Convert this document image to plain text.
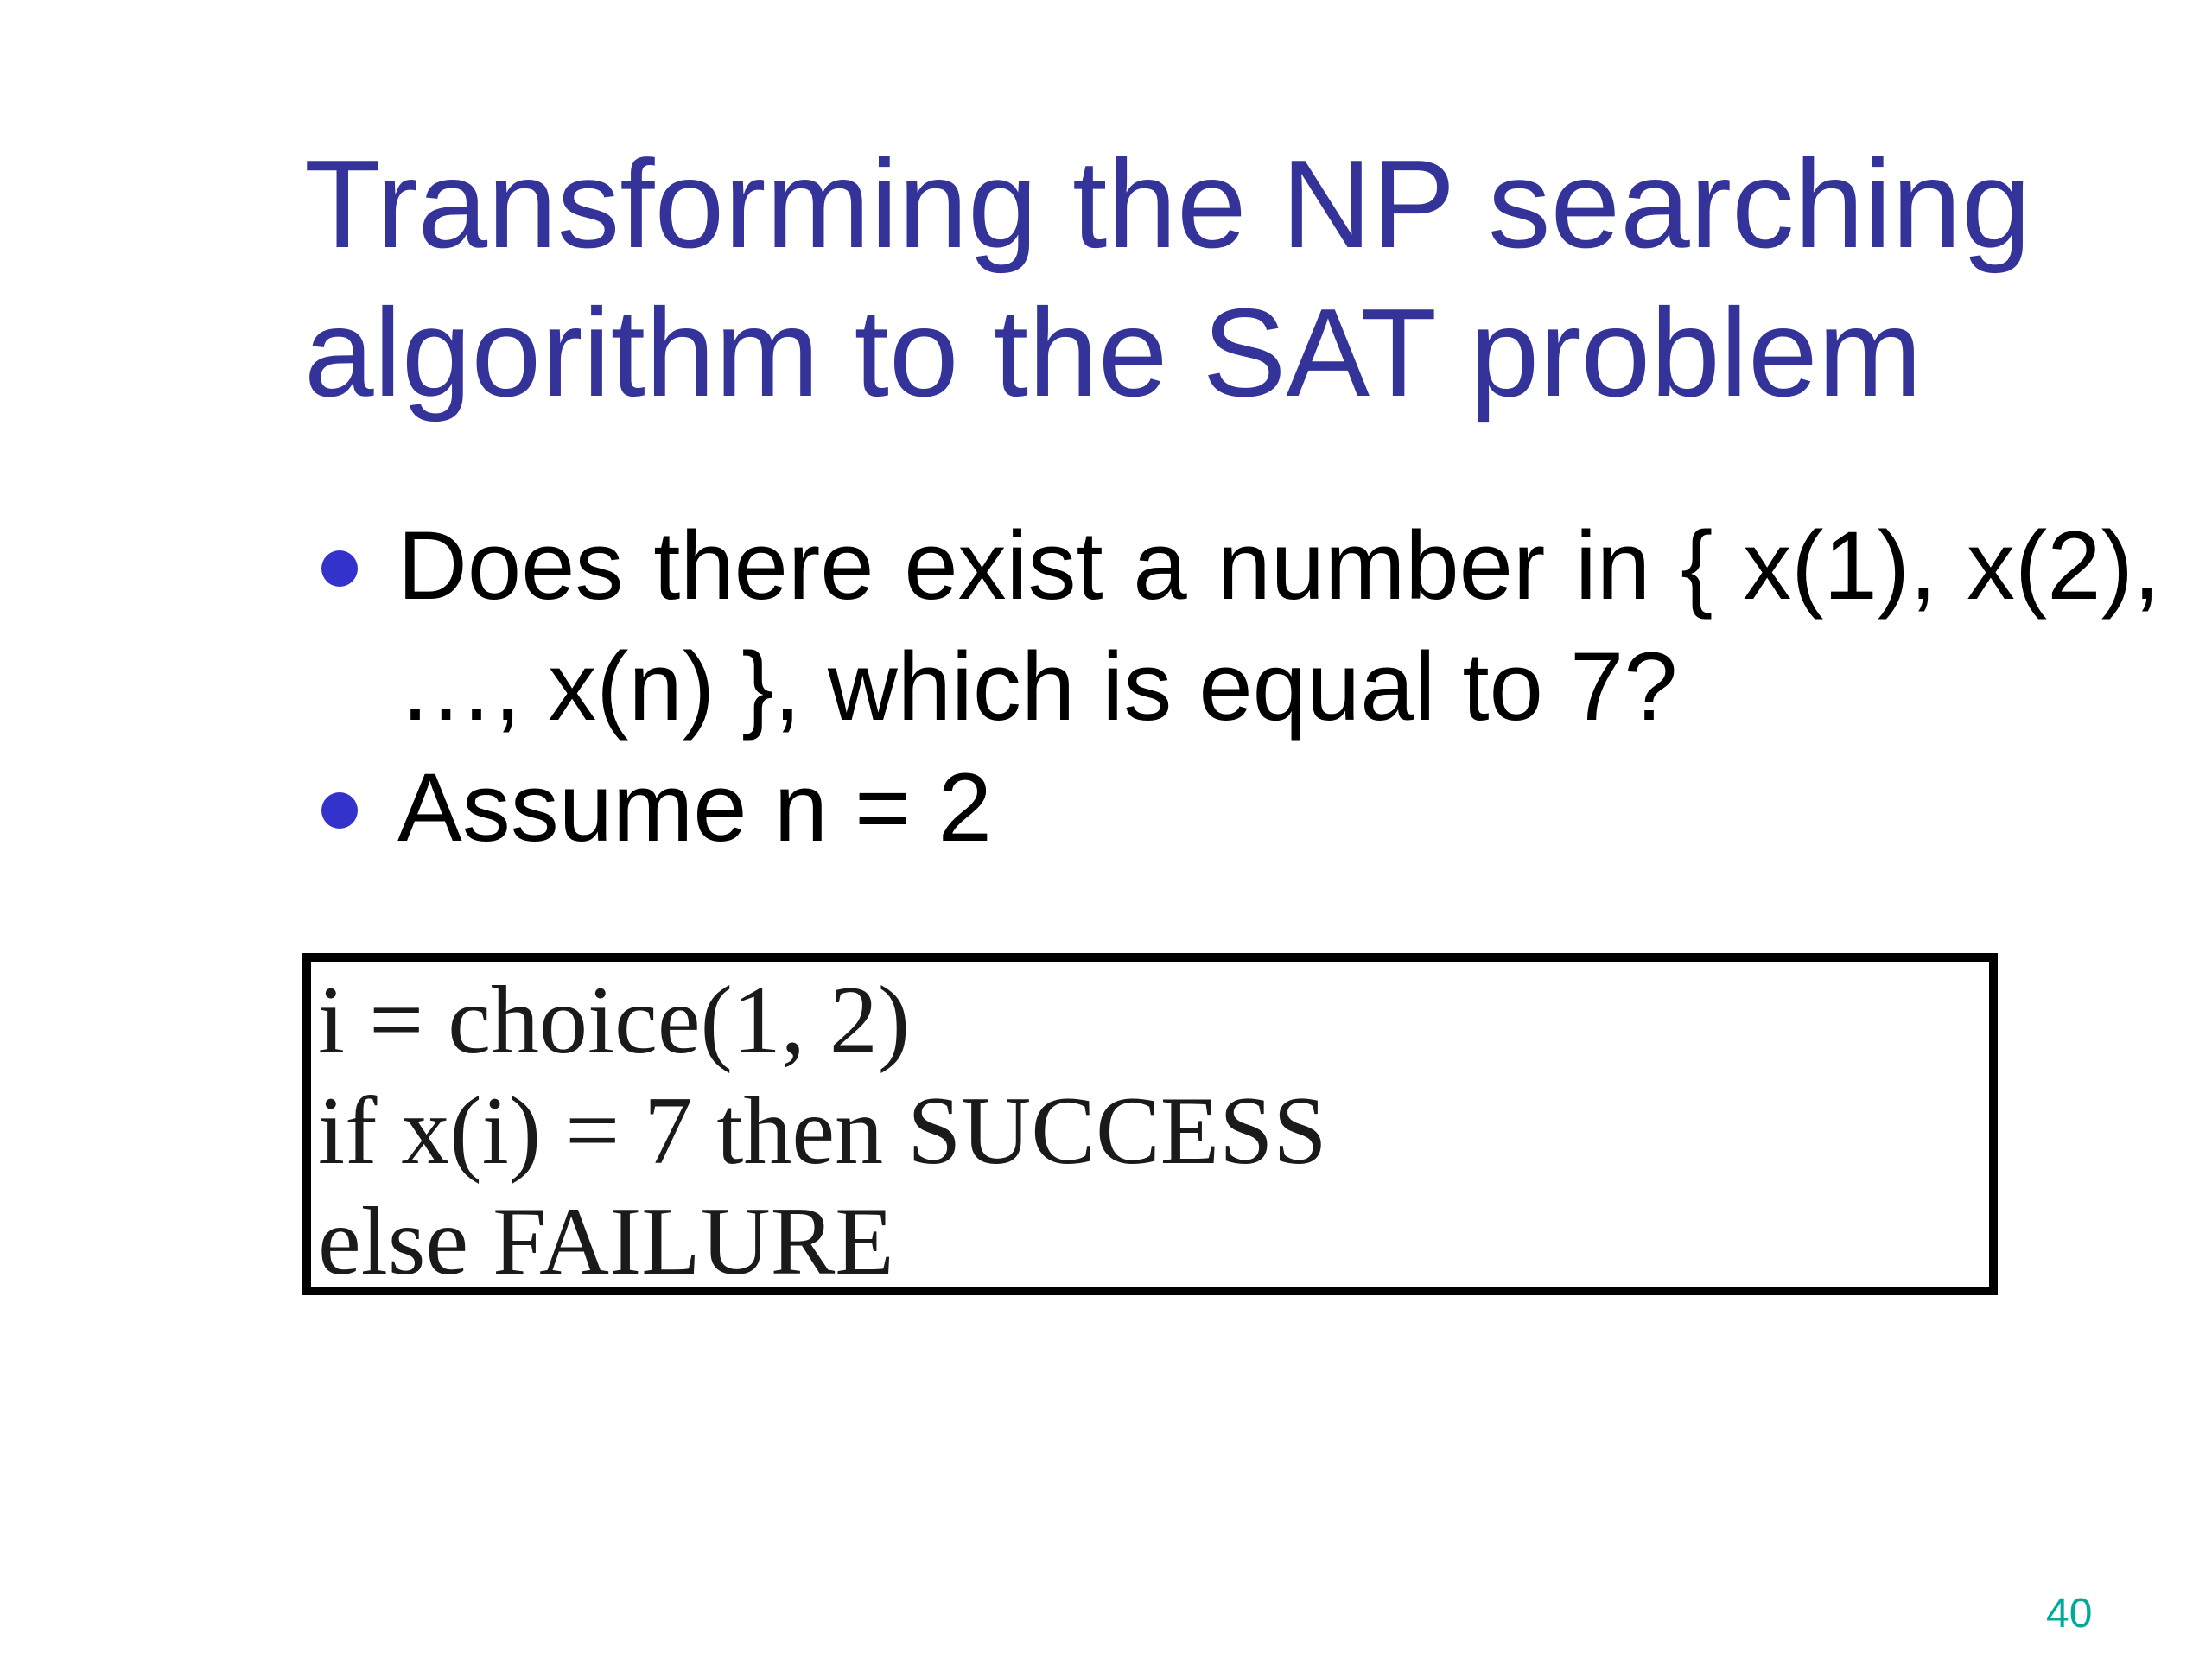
Transforming the NP searching
algorithm to the SAT problem
Does there exist a number in { x(1), x(2), …, x(n) }, which is equal to 7?
Assume n = 2
i = choice(1, 2)
if x(i) = 7 then SUCCESS
else FAILURE
40
